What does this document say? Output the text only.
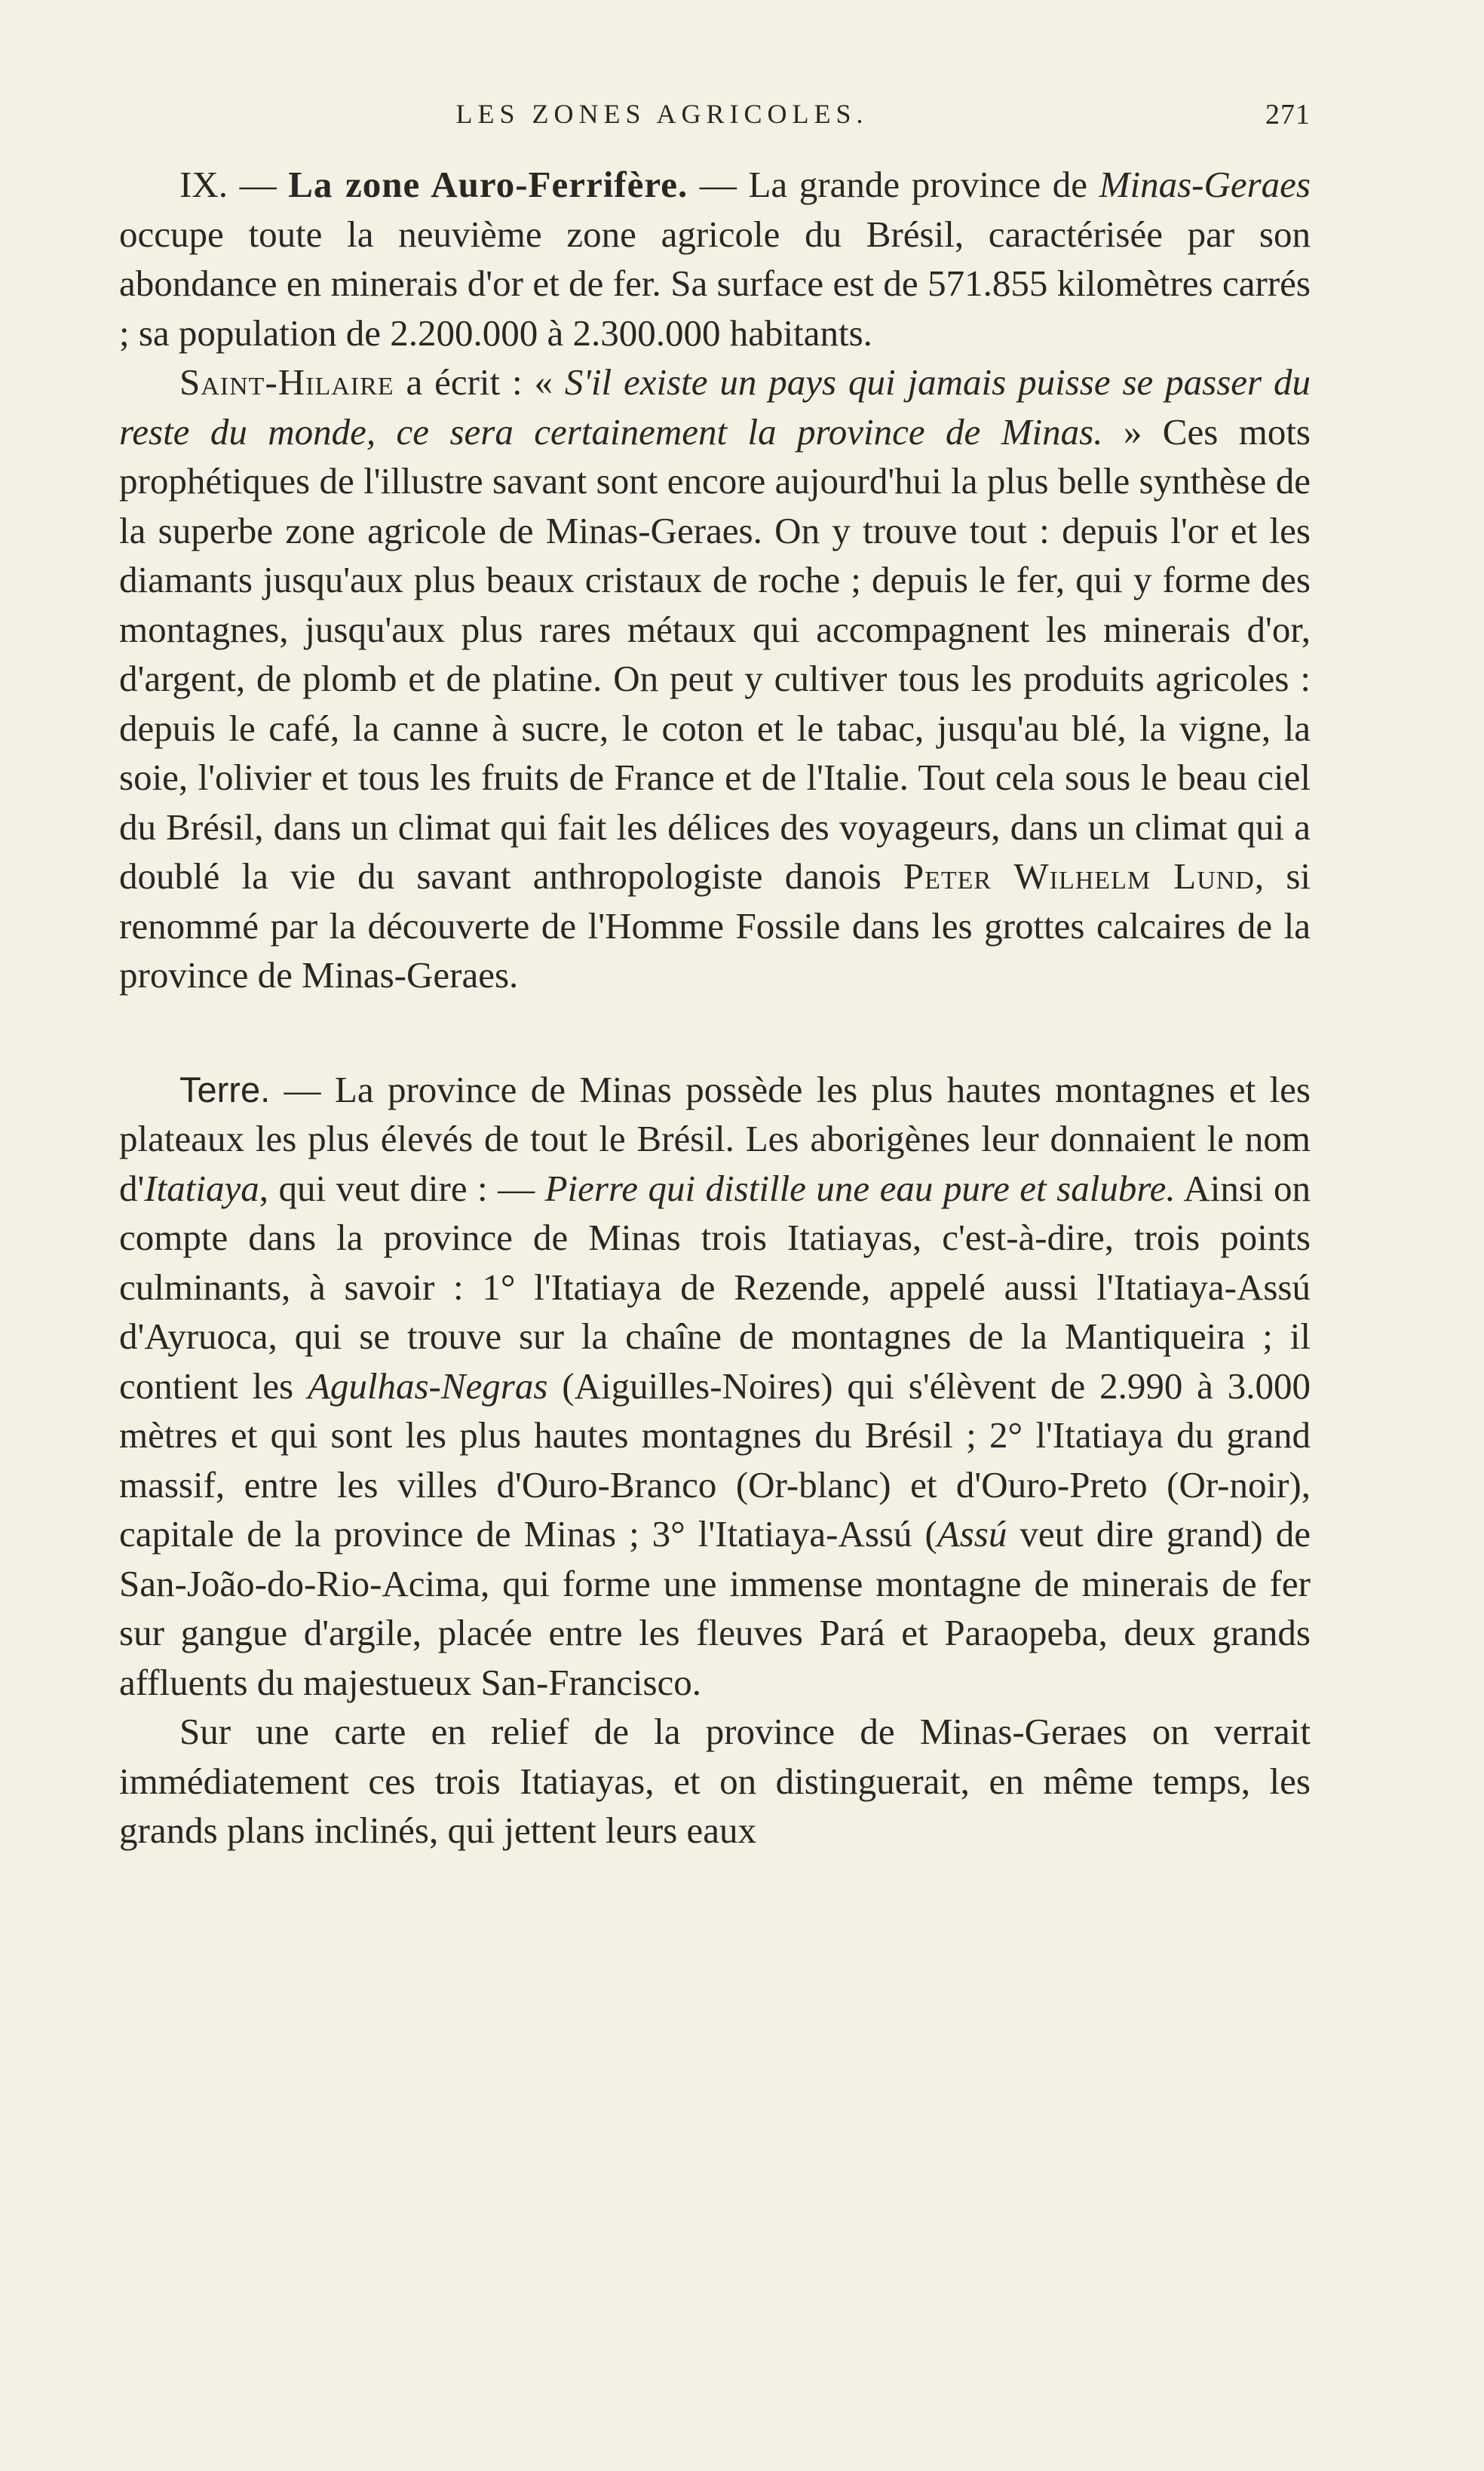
LES ZONES AGRICOLES.	271

IX. — La zone Auro-Ferrifère. — La grande province de Minas-Geraes occupe toute la neuvième zone agricole du Brésil, caractérisée par son abondance en minerais d'or et de fer. Sa surface est de 571.855 kilomètres carrés ; sa population de 2.200.000 à 2.300.000 habitants.

Saint-Hilaire a écrit : « S'il existe un pays qui jamais puisse se passer du reste du monde, ce sera certainement la province de Minas. » Ces mots prophétiques de l'illustre savant sont encore aujourd'hui la plus belle synthèse de la superbe zone agricole de Minas-Geraes. On y trouve tout : depuis l'or et les diamants jusqu'aux plus beaux cristaux de roche ; depuis le fer, qui y forme des montagnes, jusqu'aux plus rares métaux qui accompagnent les minerais d'or, d'argent, de plomb et de platine. On peut y cultiver tous les produits agricoles : depuis le café, la canne à sucre, le coton et le tabac, jusqu'au blé, la vigne, la soie, l'olivier et tous les fruits de France et de l'Italie. Tout cela sous le beau ciel du Brésil, dans un climat qui fait les délices des voyageurs, dans un climat qui a doublé la vie du savant anthropologiste danois Peter Wilhelm Lund, si renommé par la découverte de l'Homme Fossile dans les grottes calcaires de la province de Minas-Geraes.

Terre. — La province de Minas possède les plus hautes montagnes et les plateaux les plus élevés de tout le Brésil. Les aborigènes leur donnaient le nom d'Itatiaya, qui veut dire : — Pierre qui distille une eau pure et salubre. Ainsi on compte dans la province de Minas trois Itatiayas, c'est-à-dire, trois points culminants, à savoir : 1° l'Itatiaya de Rezende, appelé aussi l'Itatiaya-Assú d'Ayruoca, qui se trouve sur la chaîne de montagnes de la Mantiqueira ; il contient les Agulhas-Negras (Aiguilles-Noires) qui s'élèvent de 2.990 à 3.000 mètres et qui sont les plus hautes montagnes du Brésil ; 2° l'Itatiaya du grand massif, entre les villes d'Ouro-Branco (Or-blanc) et d'Ouro-Preto (Or-noir), capitale de la province de Minas ; 3° l'Itatiaya-Assú (Assú veut dire grand) de San-João-do-Rio-Acima, qui forme une immense montagne de minerais de fer sur gangue d'argile, placée entre les fleuves Pará et Paraopeba, deux grands affluents du majestueux San-Francisco.

Sur une carte en relief de la province de Minas-Geraes on verrait immédiatement ces trois Itatiayas, et on distinguerait, en même temps, les grands plans inclinés, qui jettent leurs eaux
